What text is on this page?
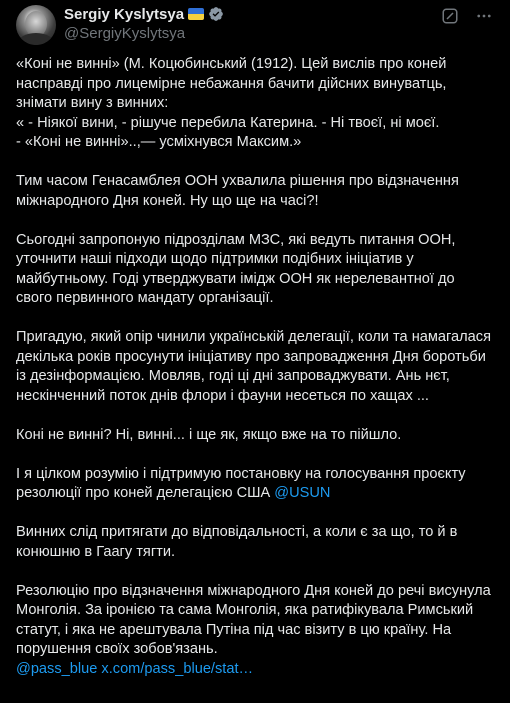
Sergiy Kyslytsya
@SergiyKyslytsya

«Коні не винні» (М. Коцюбинський (1912). Цей вислів про коней насправді про лицемірне небажання бачити дійсних винуватць, знімати вину з винних:
« - Ніякої вини, - рішуче перебила Катерина. - Ні твоєї, ні моєї.
- «Коні не винні»..,— усміхнувся Максим.»

Тим часом Генасамблея ООН ухвалила рішення про відзначення міжнародного Дня коней. Ну що ще на часі?!

Сьогодні запропоную підрозділам МЗС, які ведуть питання ООН, уточнити наші підходи щодо підтримки подібних ініціатив у майбутньому. Годі утверджувати імідж ООН як нерелевантної до свого первинного мандату організації.

Пригадую, який опір чинили українській делегації, коли та намагалася декілька років просунути ініціативу про запровадження Дня боротьби із дезінформацією. Мовляв, годі ці дні запроваджувати. Ань нєт, нескінченний поток днів флори і фауни несеться по хащах ...

Коні не винні? Ні, винні... і ще як, якщо вже на то пійшло.

І я цілком розумію і підтримую постановку на голосування проєкту резолюції про коней делегацією США @USUN

Винних слід притягати до відповідальності, а коли є за що, то й в конюшню в Гаагу тягти.

Резолюцію про відзначення міжнародного Дня коней до речі висунула Монголія. За іронією та сама Монголія, яка ратифікувала Римський статут, і яка не арештувала Путіна під час візиту в цю країну. На порушення своїх зобов'язань.

@pass_blue x.com/pass_blue/stat…
